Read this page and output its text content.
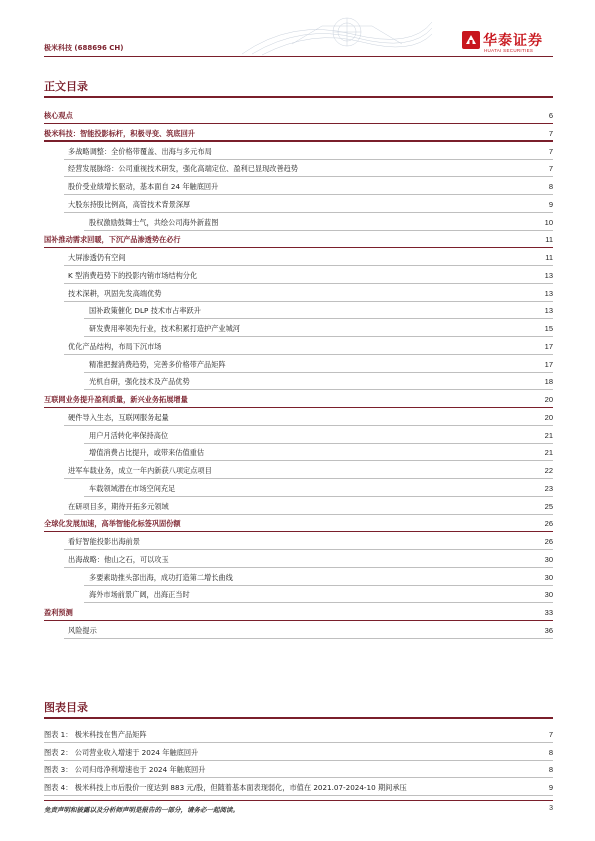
极米科技 (688696 CH)	华泰证券
HUATAI SECURITIES
正文目录
核心观点	6
极米科技：智能投影标杆，积极寻变、筑底回升	7
多战略调整：全价格带覆盖、出海与多元布局	7
经营发展脉络：公司重视技术研发，强化高端定位、盈利已显现改善趋势	7
股价受业绩增长驱动，基本面自 24 年触底回升	8
大股东持股比例高，高管技术背景深厚	9
股权激励鼓舞士气，共绘公司海外新蓝图	10
国补推动需求回暖，下沉产品渗透势在必行	11
大屏渗透仍有空间	11
K 型消费趋势下的投影内销市场结构分化	13
技术深耕，巩固先发高端优势	13
国补政策催化 DLP 技术市占率跃升	13
研发费用率领先行业，技术积累打造护产业城河	15
优化产品结构，布局下沉市场	17
精准把握消费趋势，完善多价格带产品矩阵	17
光机自研，强化技术及产品优势	18
互联网业务提升盈利质量，新兴业务拓展增量	20
硬件导入生态，互联网服务起量	20
用户月活转化率保持高位	21
增值消费占比提升，或带来估值重估	21
进军车载业务，成立一年内新获八项定点项目	22
车载领域潜在市场空间充足	23
在研项目多，期待开拓多元领域	25
全球化发展加速，高举智能化标签巩固份额	26
看好智能投影出海前景	26
出海战略：他山之石，可以攻玉	30
多要素助推头部出海，成功打造第二增长曲线	30
海外市场前景广阔，出海正当时	30
盈利预测	33
风险提示	36
图表目录
图表 1： 极米科技在售产品矩阵	7
图表 2： 公司营业收入增速于 2024 年触底回升	8
图表 3： 公司归母净利增速也于 2024 年触底回升	8
图表 4： 极米科技上市后股价一度达到 883 元/股，但随着基本面表现弱化，市值在 2021.07-2024-10 期间承压	9
免责声明和披露以及分析师声明是报告的一部分，请务必一起阅读。	3
